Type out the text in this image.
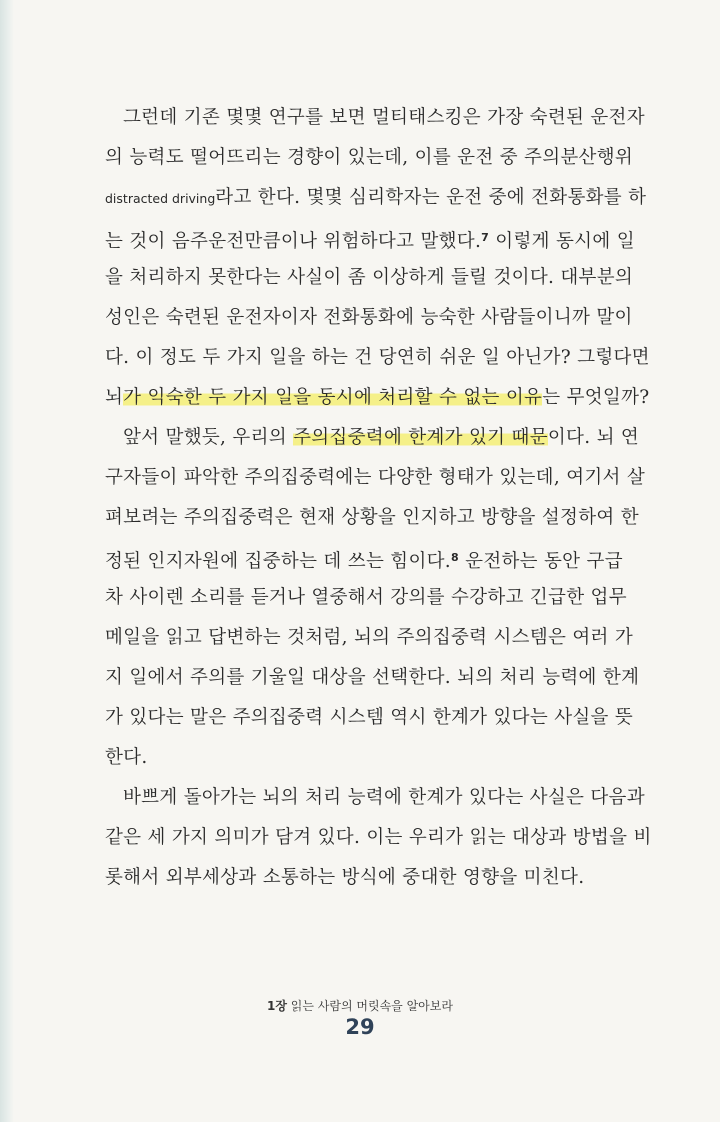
그런데 기존 몇몇 연구를 보면 멀티태스킹은 가장 숙련된 운전자
의 능력도 떨어뜨리는 경향이 있는데, 이를 운전 중 주의분산행위
distracted driving라고 한다. 몇몇 심리학자는 운전 중에 전화통화를 하
는 것이 음주운전만큼이나 위험하다고 말했다.$^7$ 이렇게 동시에 일
을 처리하지 못한다는 사실이 좀 이상하게 들릴 것이다. 대부분의
성인은 숙련된 운전자이자 전화통화에 능숙한 사람들이니까 말이
다. 이 정도 두 가지 일을 하는 건 당연히 쉬운 일 아닌가? 그렇다면
뇌가 익숙한 두 가지 일을 동시에 처리할 수 없는 이유는 무엇일까?
앞서 말했듯, 우리의 주의집중력에 한계가 있기 때문이다. 뇌 연
구자들이 파악한 주의집중력에는 다양한 형태가 있는데, 여기서 살
펴보려는 주의집중력은 현재 상황을 인지하고 방향을 설정하여 한
정된 인지자원에 집중하는 데 쓰는 힘이다.$^8$ 운전하는 동안 구급
차 사이렌 소리를 듣거나 열중해서 강의를 수강하고 긴급한 업무
메일을 읽고 답변하는 것처럼, 뇌의 주의집중력 시스템은 여러 가
지 일에서 주의를 기울일 대상을 선택한다. 뇌의 처리 능력에 한계
가 있다는 말은 주의집중력 시스템 역시 한계가 있다는 사실을 뜻
한다.
바쁘게 돌아가는 뇌의 처리 능력에 한계가 있다는 사실은 다음과
같은 세 가지 의미가 담겨 있다. 이는 우리가 읽는 대상과 방법을 비
롯해서 외부세상과 소통하는 방식에 중대한 영향을 미친다.
1장 읽는 사람의 머릿속을 알아보라
29
